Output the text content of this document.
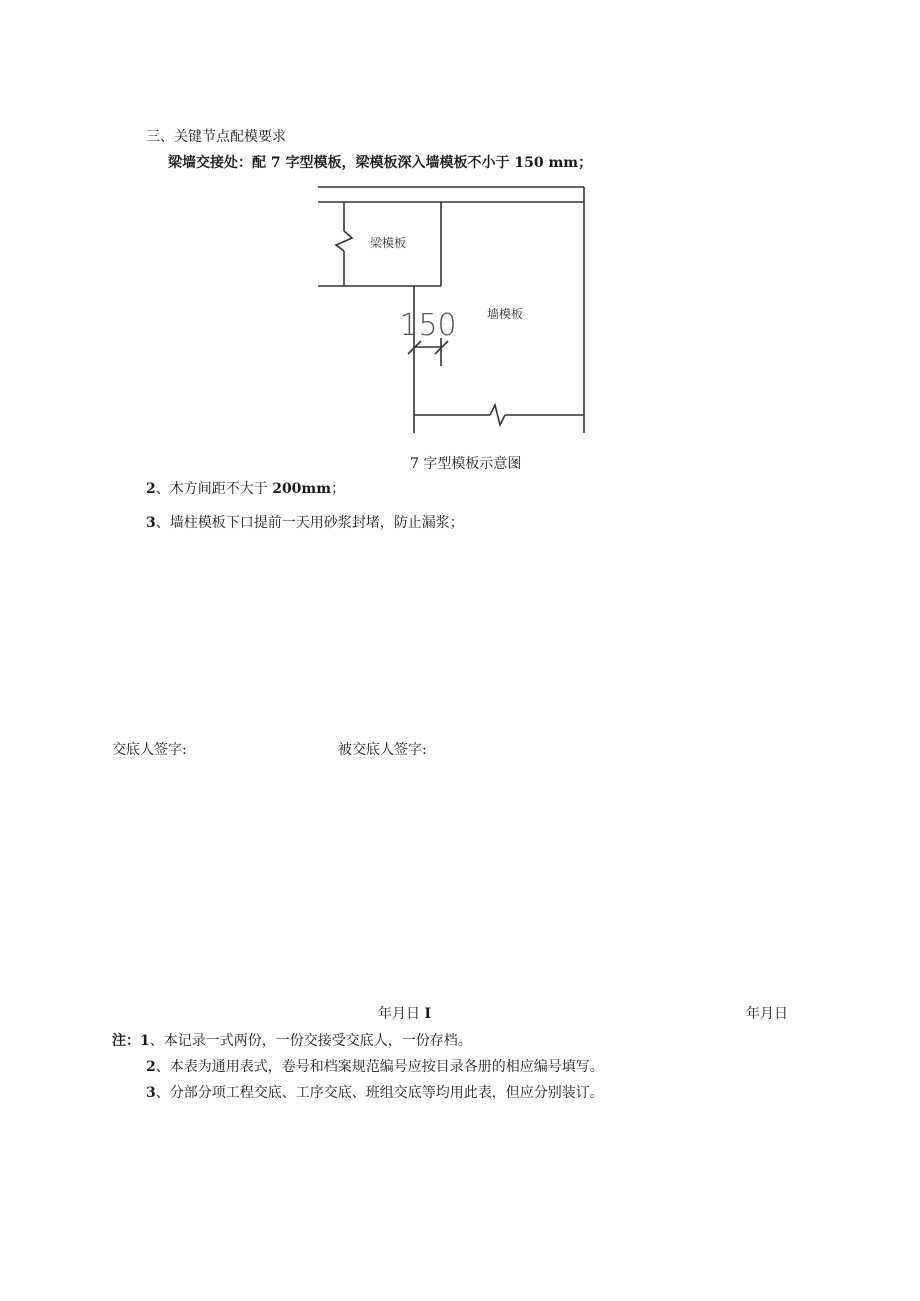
三、关键节点配模要求
梁墙交接处：配 7 字型模板，梁模板深入墙模板不小于 150 mm；
梁模板
墙模板
150
7 字型模板示意图
2、木方间距不大于 200mm；
3、墙柱模板下口提前一天用砂浆封堵，防止漏浆；
交底人签字:	被交底人签字:
年月日 I	年月日
注：1、本记录一式两份，一份交接受交底人，一份存档。
2、本表为通用表式，卷号和档案规范编号应按目录各册的相应编号填写。
3、分部分项工程交底、工序交底、班组交底等均用此表，但应分别装订。
